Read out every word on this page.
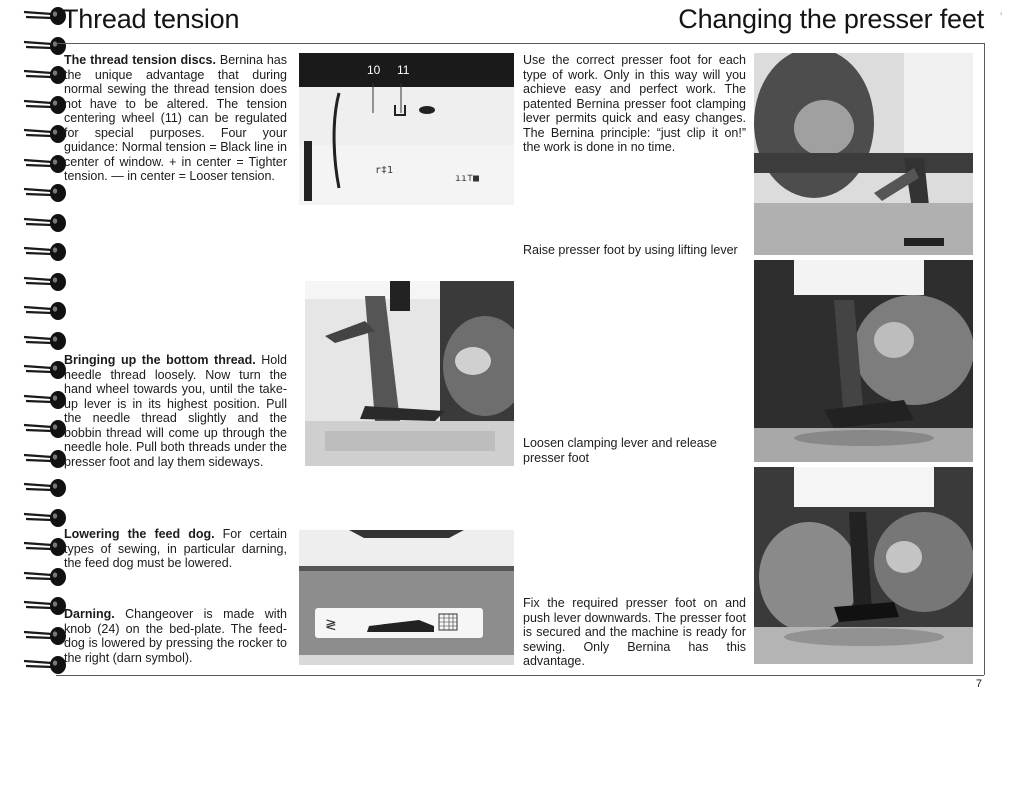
Thread tension	Changing the presser feet '
The thread tension discs. Bernina has the unique advantage that during normal sewing the thread tension does not have to be altered. The tension centering wheel (11) can be regulated for special purposes. Four your guidance: Normal tension = Black line in center of window. + in center = Tighter tension. — in center = Looser tension.
Bringing up the bottom thread. Hold needle thread loosely. Now turn the hand wheel towards you, until the take-up lever is in its highest position. Pull the needle thread slightly and the bobbin thread will come up through the needle hole. Pull both threads under the presser foot and lay them sideways.
Lowering the feed dog. For certain types of sewing, in particular darning, the feed dog must be lowered.
Darning. Changeover is made with knob (24) on the bed-plate. The feed-dog is lowered by pressing the rocker to the right (darn symbol).
r‡1
ıı⊤■
10 11
≷
Use the correct presser foot for each type of work. Only in this way will you achieve easy and perfect work. The patented Bernina presser foot clamping lever permits quick and easy changes. The Bernina principle: “just clip it on!” the work is done in no time.
Raise presser foot by using lifting lever
Loosen clamping lever and release presser foot
Fix the required presser foot on and push lever downwards. The presser foot is secured and the machine is ready for sewing. Only Bernina has this advantage.
7
